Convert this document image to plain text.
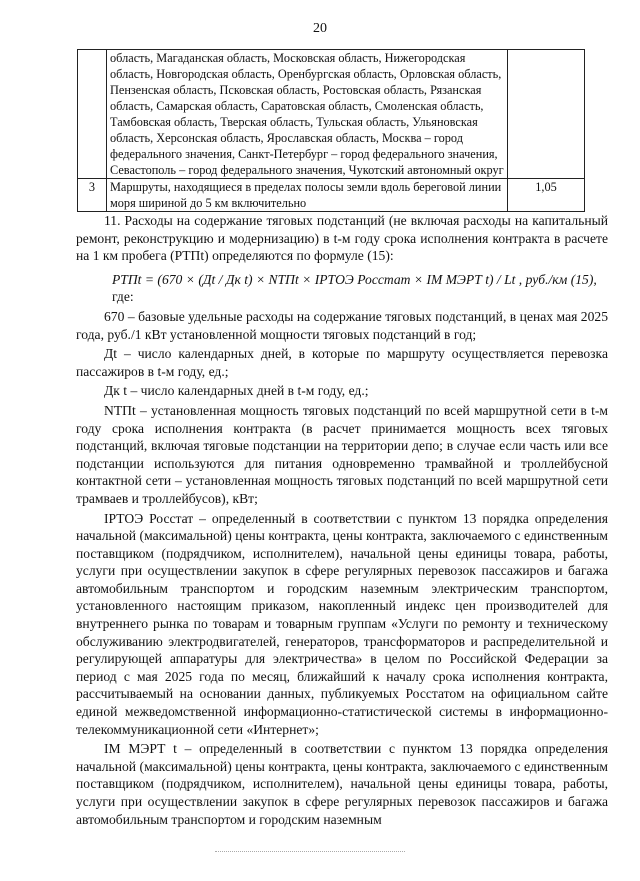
20
	область, Магаданская область, Московская область, Нижегородская область, Новгородская область, Оренбургская область, Орловская область, Пензенская область, Псковская область, Ростовская область, Рязанская область, Самарская область, Саратовская область, Смоленская область, Тамбовская область, Тверская область, Тульская область, Ульяновская область, Херсонская область, Ярославская область, Москва – город федерального значения, Санкт-Петербург – город федерального значения, Севастополь – город федерального значения, Чукотский автономный округ	
3	Маршруты, находящиеся в пределах полосы земли вдоль береговой линии моря шириной до 5 км включительно	1,05

11. Расходы на содержание тяговых подстанций (не включая расходы на капитальный ремонт, реконструкцию и модернизацию) в t-м году срока исполнения контракта в расчете на 1 км пробега (PТПt) определяются по формуле (15):

PТПt = (670 × (Дt / Дк t) × NТПt × IРТОЭ Росстат × IМ МЭРТ t) / Lt , руб./км (15),

где:

670 – базовые удельные расходы на содержание тяговых подстанций, в ценах мая 2025 года, руб./1 кВт установленной мощности тяговых подстанций в год;

Дt – число календарных дней, в которые по маршруту осуществляется перевозка пассажиров в t-м году, ед.;

Дк t – число календарных дней в t-м году, ед.;

NТПt – установленная мощность тяговых подстанций по всей маршрутной сети в t-м году срока исполнения контракта (в расчет принимается мощность всех тяговых подстанций, включая тяговые подстанции на территории депо; в случае если часть или все подстанции используются для питания одновременно трамвайной и троллейбусной контактной сети – установленная мощность тяговых подстанций по всей маршрутной сети трамваев и троллейбусов), кВт;

IРТОЭ Росстат – определенный в соответствии с пунктом 13 порядка определения начальной (максимальной) цены контракта, цены контракта, заключаемого с единственным поставщиком (подрядчиком, исполнителем), начальной цены единицы товара, работы, услуги при осуществлении закупок в сфере регулярных перевозок пассажиров и багажа автомобильным транспортом и городским наземным электрическим транспортом, установленного настоящим приказом, накопленный индекс цен производителей для внутреннего рынка по товарам и товарным группам «Услуги по ремонту и техническому обслуживанию электродвигателей, генераторов, трансформаторов и распределительной и регулирующей аппаратуры для электричества» в целом по Российской Федерации за период с мая 2025 года по месяц, ближайший к началу срока исполнения контракта, рассчитываемый на основании данных, публикуемых Росстатом на официальном сайте единой межведомственной информационно-статистической системы в информационно-телекоммуникационной сети «Интернет»;

IМ МЭРТ t – определенный в соответствии с пунктом 13 порядка определения начальной (максимальной) цены контракта, цены контракта, заключаемого с единственным поставщиком (подрядчиком, исполнителем), начальной цены единицы товара, работы, услуги при осуществлении закупок в сфере регулярных перевозок пассажиров и багажа автомобильным транспортом и городским наземным
